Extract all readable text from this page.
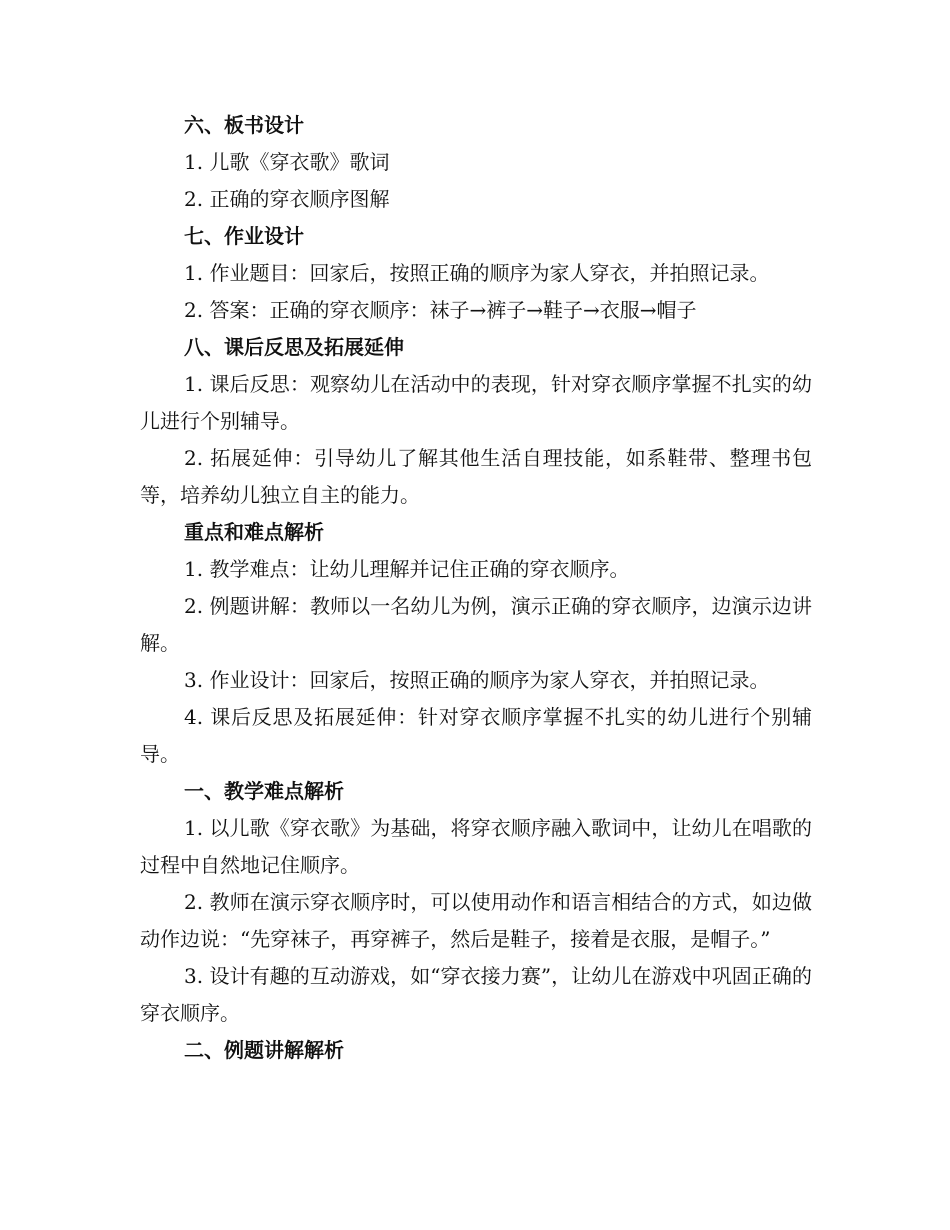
六、板书设计

1. 儿歌《穿衣歌》歌词

2. 正确的穿衣顺序图解

七、作业设计

1. 作业题目：回家后，按照正确的顺序为家人穿衣，并拍照记录。

2. 答案：正确的穿衣顺序：袜子→裤子→鞋子→衣服→帽子

八、课后反思及拓展延伸

1. 课后反思：观察幼儿在活动中的表现，针对穿衣顺序掌握不扎实的幼儿进行个别辅导。

2. 拓展延伸：引导幼儿了解其他生活自理技能，如系鞋带、整理书包等，培养幼儿独立自主的能力。

重点和难点解析

1. 教学难点：让幼儿理解并记住正确的穿衣顺序。

2. 例题讲解：教师以一名幼儿为例，演示正确的穿衣顺序，边演示边讲解。

3. 作业设计：回家后，按照正确的顺序为家人穿衣，并拍照记录。

4. 课后反思及拓展延伸：针对穿衣顺序掌握不扎实的幼儿进行个别辅导。

一、教学难点解析

1. 以儿歌《穿衣歌》为基础，将穿衣顺序融入歌词中，让幼儿在唱歌的过程中自然地记住顺序。

2. 教师在演示穿衣顺序时，可以使用动作和语言相结合的方式，如边做动作边说：“先穿袜子，再穿裤子，然后是鞋子，接着是衣服，是帽子。”

3. 设计有趣的互动游戏，如“穿衣接力赛”，让幼儿在游戏中巩固正确的穿衣顺序。

二、例题讲解解析
